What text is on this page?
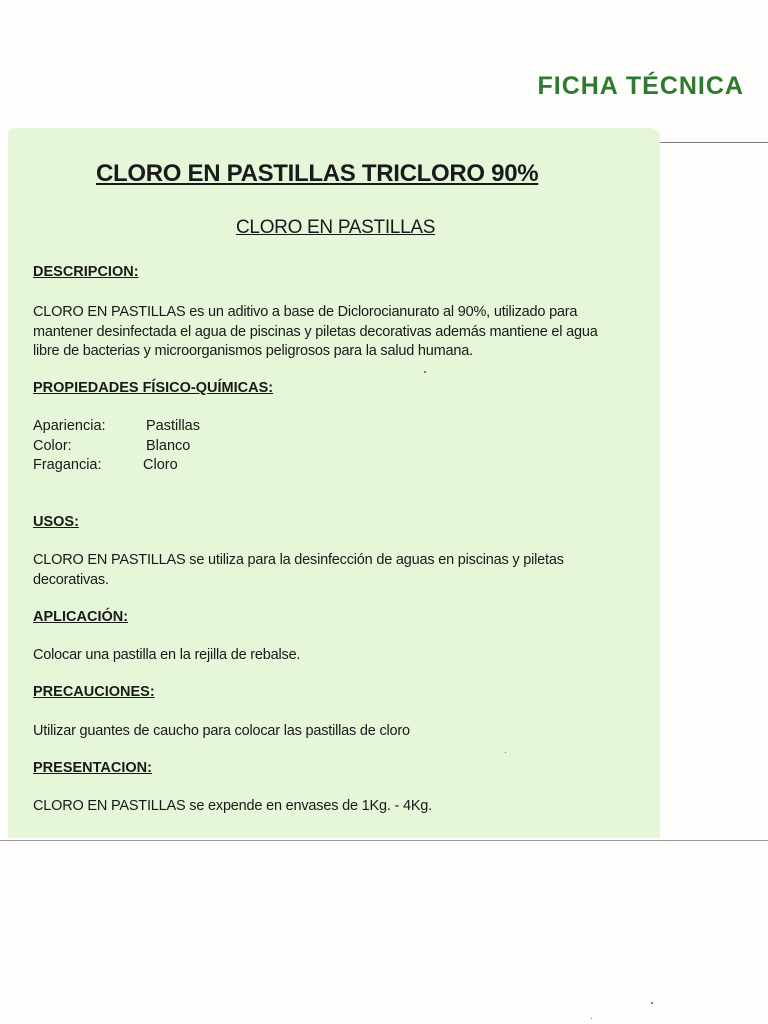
FICHA TÉCNICA
CLORO EN PASTILLAS TRICLORO 90%
CLORO EN PASTILLAS
DESCRIPCION:
CLORO EN PASTILLAS es un aditivo a base de Diclorocianurato al 90%, utilizado para
mantener desinfectada el agua de piscinas y piletas decorativas además mantiene el agua
libre de bacterias y microorganismos peligrosos para la salud humana.
PROPIEDADES FÍSICO-QUÍMICAS:
Apariencia:	Pastillas
Color:	Blanco
Fragancia:	Cloro
USOS:
CLORO EN PASTILLAS se utiliza para la desinfección de aguas en piscinas y piletas
decorativas.
APLICACIÓN:
Colocar una pastilla en la rejilla de rebalse.
PRECAUCIONES:
Utilizar guantes de caucho para colocar las pastillas de cloro
PRESENTACION:
CLORO EN PASTILLAS se expende en envases de 1Kg. - 4Kg.
